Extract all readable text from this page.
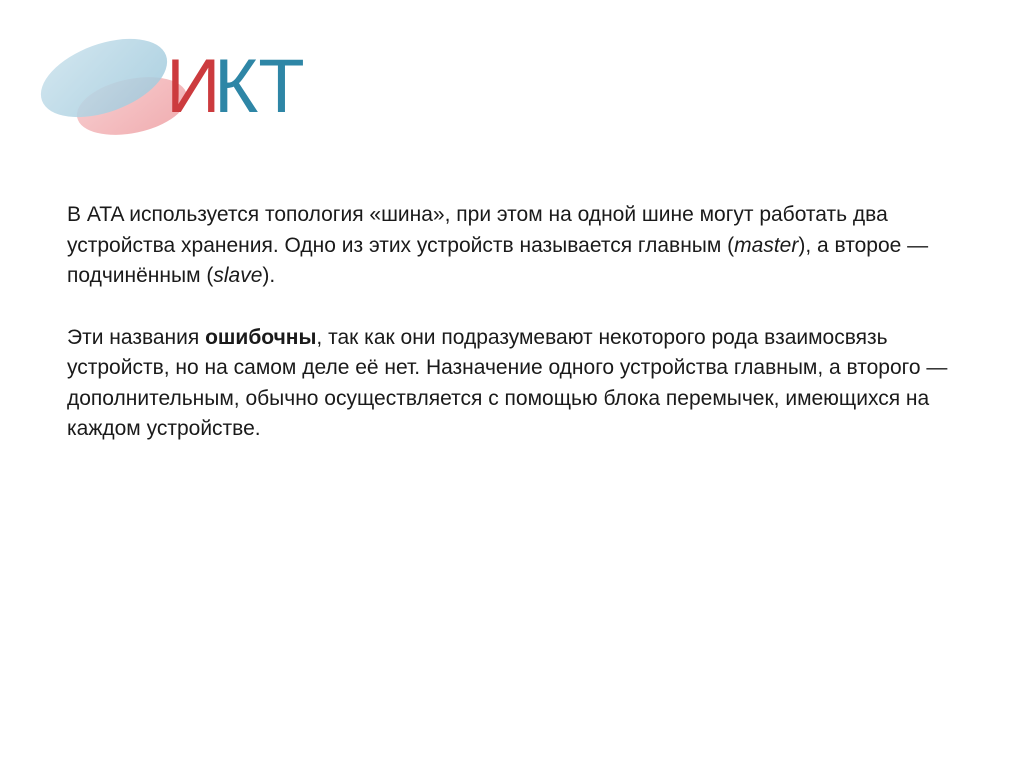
И
КТ

В ATA используется топология «шина», при этом на одной шине могут работать два устройства хранения. Одно из этих устройств называется главным (master), а второе — подчинённым (slave).

Эти названия ошибочны, так как они подразумевают некоторого рода взаимосвязь устройств, но на самом деле её нет. Назначение одного устройства главным, а второго — дополнительным, обычно осуществляется с помощью блока перемычек, имеющихся на каждом устройстве.
